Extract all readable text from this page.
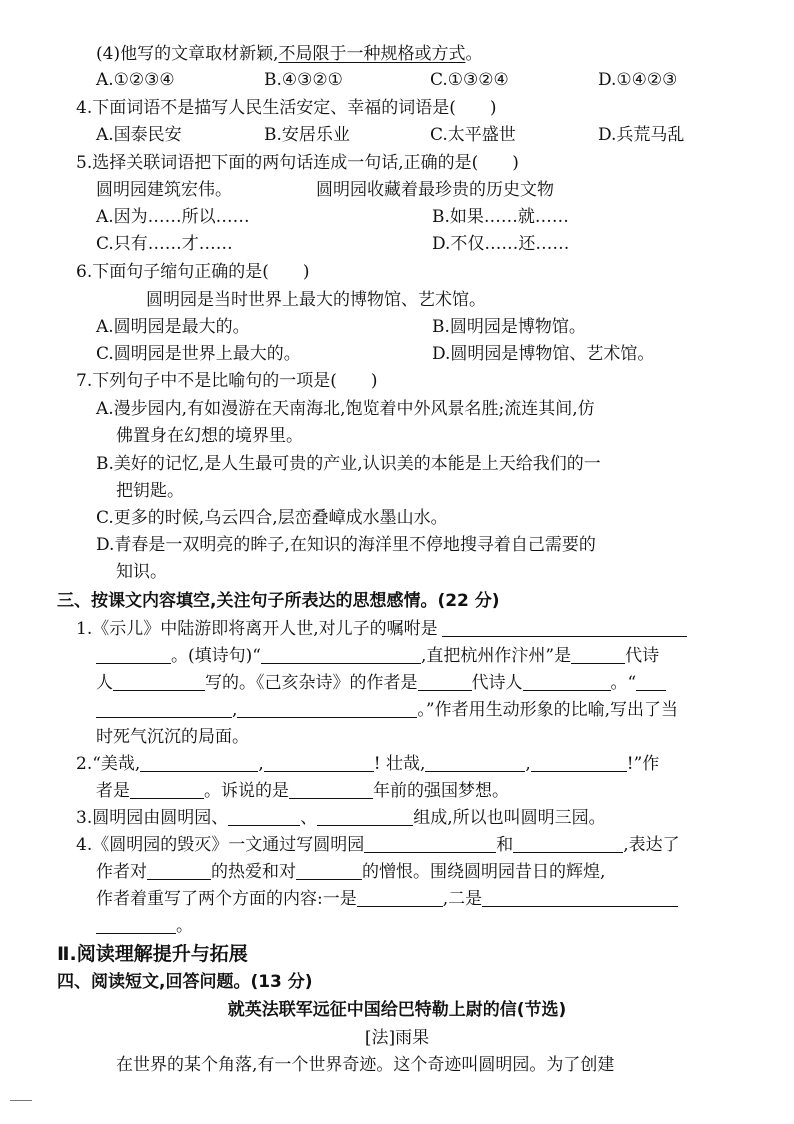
(4)他写的文章取材新颖,不局限于一种规格或方式。
A.①②③④	B.④③②①	C.①③②④	D.①④②③
4.下面词语不是描写人民生活安定、幸福的词语是(　　)
A.国泰民安	B.安居乐业	C.太平盛世	D.兵荒马乱
5.选择关联词语把下面的两句话连成一句话,正确的是(　　)
圆明园建筑宏伟。	圆明园收藏着最珍贵的历史文物
A.因为……所以……	B.如果……就……
C.只有……才……	D.不仅……还……
6.下面句子缩句正确的是(　　)
圆明园是当时世界上最大的博物馆、艺术馆。
A.圆明园是最大的。	B.圆明园是博物馆。
C.圆明园是世界上最大的。	D.圆明园是博物馆、艺术馆。
7.下列句子中不是比喻句的一项是(　　)
A.漫步园内,有如漫游在天南海北,饱览着中外风景名胜;流连其间,仿
佛置身在幻想的境界里。
B.美好的记忆,是人生最可贵的产业,认识美的本能是上天给我们的一
把钥匙。
C.更多的时候,乌云四合,层峦叠嶂成水墨山水。
D.青春是一双明亮的眸子,在知识的海洋里不停地搜寻着自己需要的
知识。
三、按课文内容填空,关注句子所表达的思想感情。(22 分)
1.《示儿》中陆游即将离开人世,对儿子的嘱咐是
。(填诗句)“	,直把杭州作汴州”是	代诗
人	写的。《己亥杂诗》的作者是	代诗人	。“
,	。”作者用生动形象的比喻,写出了当
时死气沉沉的局面。
2.“美哉,	,	! 壮哉,	,	!”作
者是	。诉说的是	年前的强国梦想。
3.圆明园由圆明园、	、	组成,所以也叫圆明三园。
4.《圆明园的毁灭》一文通过写圆明园	和	,表达了
作者对	的热爱和对	的憎恨。围绕圆明园昔日的辉煌,
作者着重写了两个方面的内容:一是	,二是
。
Ⅱ.阅读理解提升与拓展
四、阅读短文,回答问题。(13 分)
就英法联军远征中国给巴特勒上尉的信(节选)
[法]雨果
在世界的某个角落,有一个世界奇迹。这个奇迹叫圆明园。为了创建
